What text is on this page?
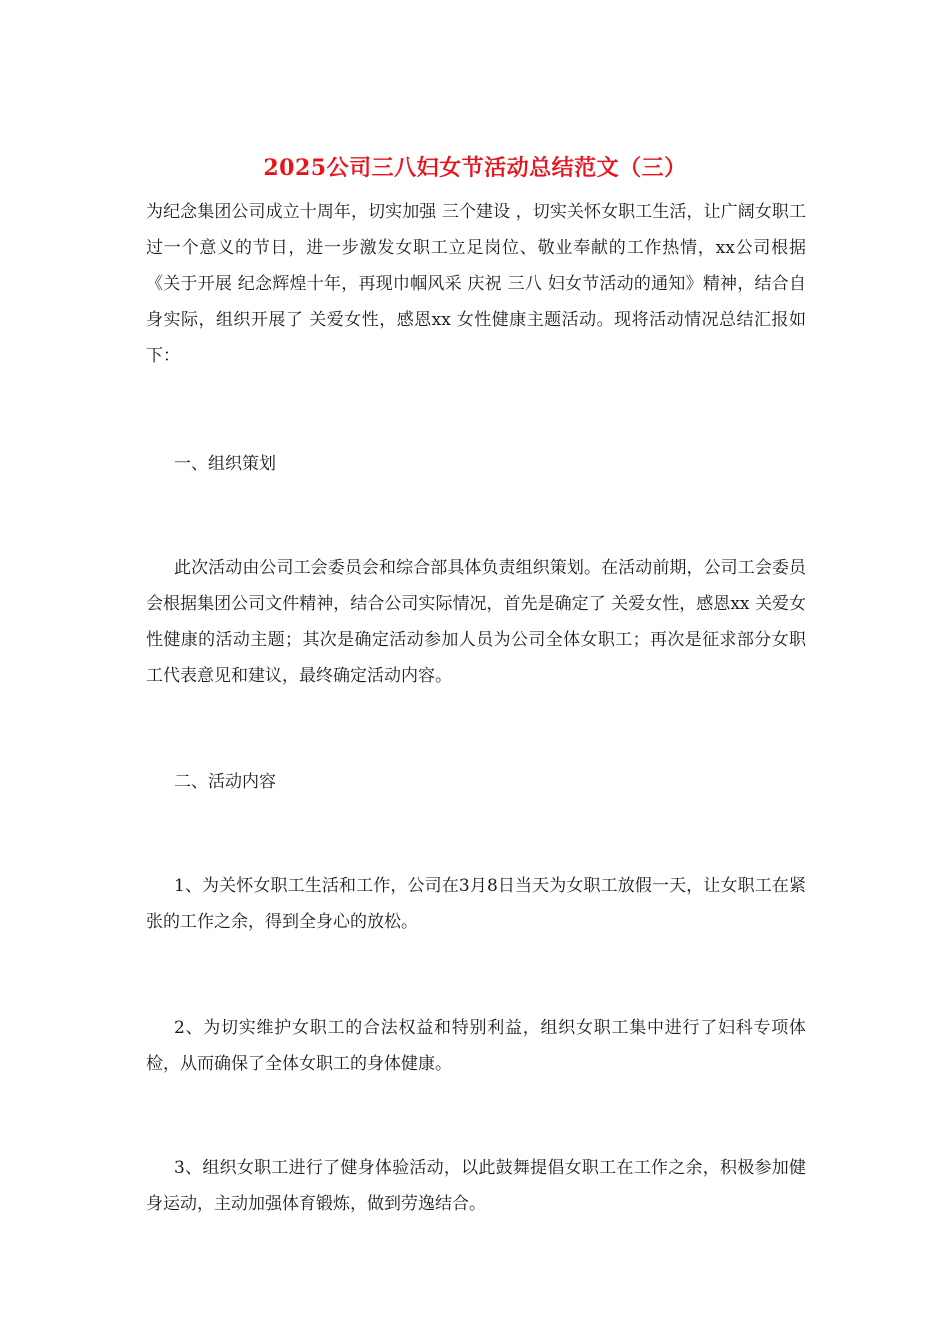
2025公司三八妇女节活动总结范文（三）

为纪念集团公司成立十周年，切实加强 三个建设 ，切实关怀女职工生活，让广阔女职工过一个意义的节日，进一步激发女职工立足岗位、敬业奉献的工作热情，xx公司根据《关于开展 纪念辉煌十年，再现巾帼风采 庆祝 三八 妇女节活动的通知》精神，结合自身实际，组织开展了 关爱女性，感恩xx 女性健康主题活动。现将活动情况总结汇报如下：

一、组织策划

此次活动由公司工会委员会和综合部具体负责组织策划。在活动前期，公司工会委员会根据集团公司文件精神，结合公司实际情况，首先是确定了 关爱女性，感恩xx 关爱女性健康的活动主题；其次是确定活动参加人员为公司全体女职工；再次是征求部分女职工代表意见和建议，最终确定活动内容。

二、活动内容

1、为关怀女职工生活和工作，公司在3月8日当天为女职工放假一天，让女职工在紧张的工作之余，得到全身心的放松。

2、为切实维护女职工的合法权益和特别利益，组织女职工集中进行了妇科专项体检，从而确保了全体女职工的身体健康。

3、组织女职工进行了健身体验活动，以此鼓舞提倡女职工在工作之余，积极参加健身运动，主动加强体育锻炼，做到劳逸结合。
